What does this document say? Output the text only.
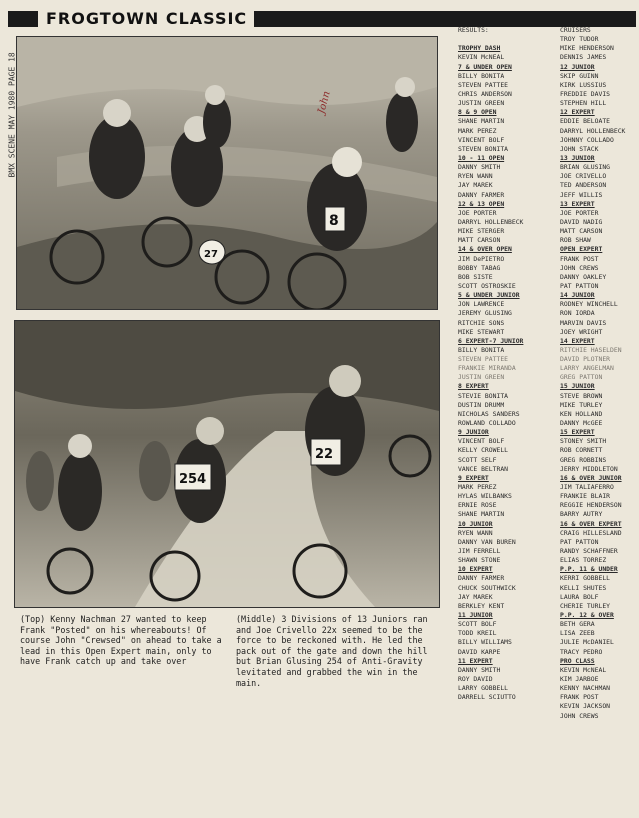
FROGTOWN CLASSIC
BMX SCENE MAY 1980 PAGE 18
8
27
John
254
22
(Top) Kenny Nachman 27 wanted to keep Frank "Posted" on his whereabouts! Of course John "Crewsed" on ahead to take a lead in this Open Expert main, only to have Frank catch up and take over
(Middle) 3 Divisions of 13 Juniors ran and Joe Crivello 22x seemed to be the force to be reckoned with. He led the pack out of the gate and down the hill but Brian Glusing 254 of Anti-Gravity levitated and grabbed the win in the main.
RESULTS:

TROPHY DASH
KEVIN McNEAL
7 & UNDER OPEN
BILLY BONITA
STEVEN PATTEE
CHRIS ANDERSON
JUSTIN GREEN
8 & 9 OPEN
SHANE MARTIN
MARK PEREZ
VINCENT BOLF
STEVEN BONITA
10 - 11 OPEN
DANNY SMITH
RYEN WANN
JAY MAREK
DANNY FARMER
12 & 13 OPEN
JOE PORTER
DARRYL HOLLENBECK
MIKE STERGER
MATT CARSON
14 & OVER OPEN
JIM DePIETRO
BOBBY TABAG
BOB SISTE
SCOTT OSTROSKIE
5 & UNDER JUNIOR
JON LAWRENCE
JEREMY GLUSING
RITCHIE SONS
MIKE STEWART
6 EXPERT-7 JUNIOR
BILLY BONITA
STEVEN PATTEE
FRANKIE MIRANDA
JUSTIN GREEN
8 EXPERT
STEVIE BONITA
DUSTIN DRUMM
NICHOLAS SANDERS
ROWLAND COLLADO
9 JUNIOR
VINCENT BOLF
KELLY CROWELL
SCOTT SELF
VANCE BELTRAN
9 EXPERT
MARK PEREZ
HYLAS WILBANKS
ERNIE ROSE
SHANE MARTIN
10 JUNIOR
RYEN WANN
DANNY VAN BUREN
JIM FERRELL
SHAWN STONE
10 EXPERT
DANNY FARMER
CHUCK SOUTHWICK
JAY MAREK
BERKLEY KENT
11 JUNIOR
SCOTT BOLF
TODD KREIL
BILLY WILLIAMS
DAVID KARPE
11 EXPERT
DANNY SMITH
ROY DAVID
LARRY GOBBELL
DARRELL SCIUTTO
CRUISERS
TROY TUDOR
MIKE HENDERSON
DENNIS JAMES
12 JUNIOR
SKIP GUINN
KIRK LUSSIUS
FREDDIE DAVIS
STEPHEN HILL
12 EXPERT
EDDIE BELOATE
DARRYL HOLLENBECK
JOHNNY COLLADO
JOHN STACK
13 JUNIOR
BRIAN GLUSING
JOE CRIVELLO
TED ANDERSON
JEFF WILLIS
13 EXPERT
JOE PORTER
DAVID NADIG
MATT CARSON
ROB SHAW
OPEN EXPERT
FRANK POST
JOHN CREWS
DANNY OAKLEY
PAT PATTON
14 JUNIOR
RODNEY WINCHELL
RON IORDA
MARVIN DAVIS
JOEY WRIGHT
14 EXPERT
RITCHIE HASELDEN
DAVID PLOTNER
LARRY ANGELMAN
GREG PATTON
15 JUNIOR
STEVE BROWN
MIKE TURLEY
KEN HOLLAND
DANNY McGEE
15 EXPERT
STONEY SMITH
ROB CORNETT
GREG ROBBINS
JERRY MIDDLETON
16 & OVER JUNIOR
JIM TALIAFERRO
FRANKIE BLAIR
REGGIE HENDERSON
BARRY AUTRY
16 & OVER EXPERT
CRAIG HILLESLAND
PAT PATTON
RANDY SCHAFFNER
ELIAS TORREZ
P.P. 11 & UNDER
KERRI GOBBELL
KELLI SHUTES
LAURA BOLF
CHERIE TURLEY
P.P. 12 & OVER
BETH GERA
LISA ZEEB
JULIE McDANIEL
TRACY PEDRO
PRO CLASS
KEVIN McNEAL
KIM JARBOE
KENNY NACHMAN
FRANK POST
KEVIN JACKSON
JOHN CREWS
